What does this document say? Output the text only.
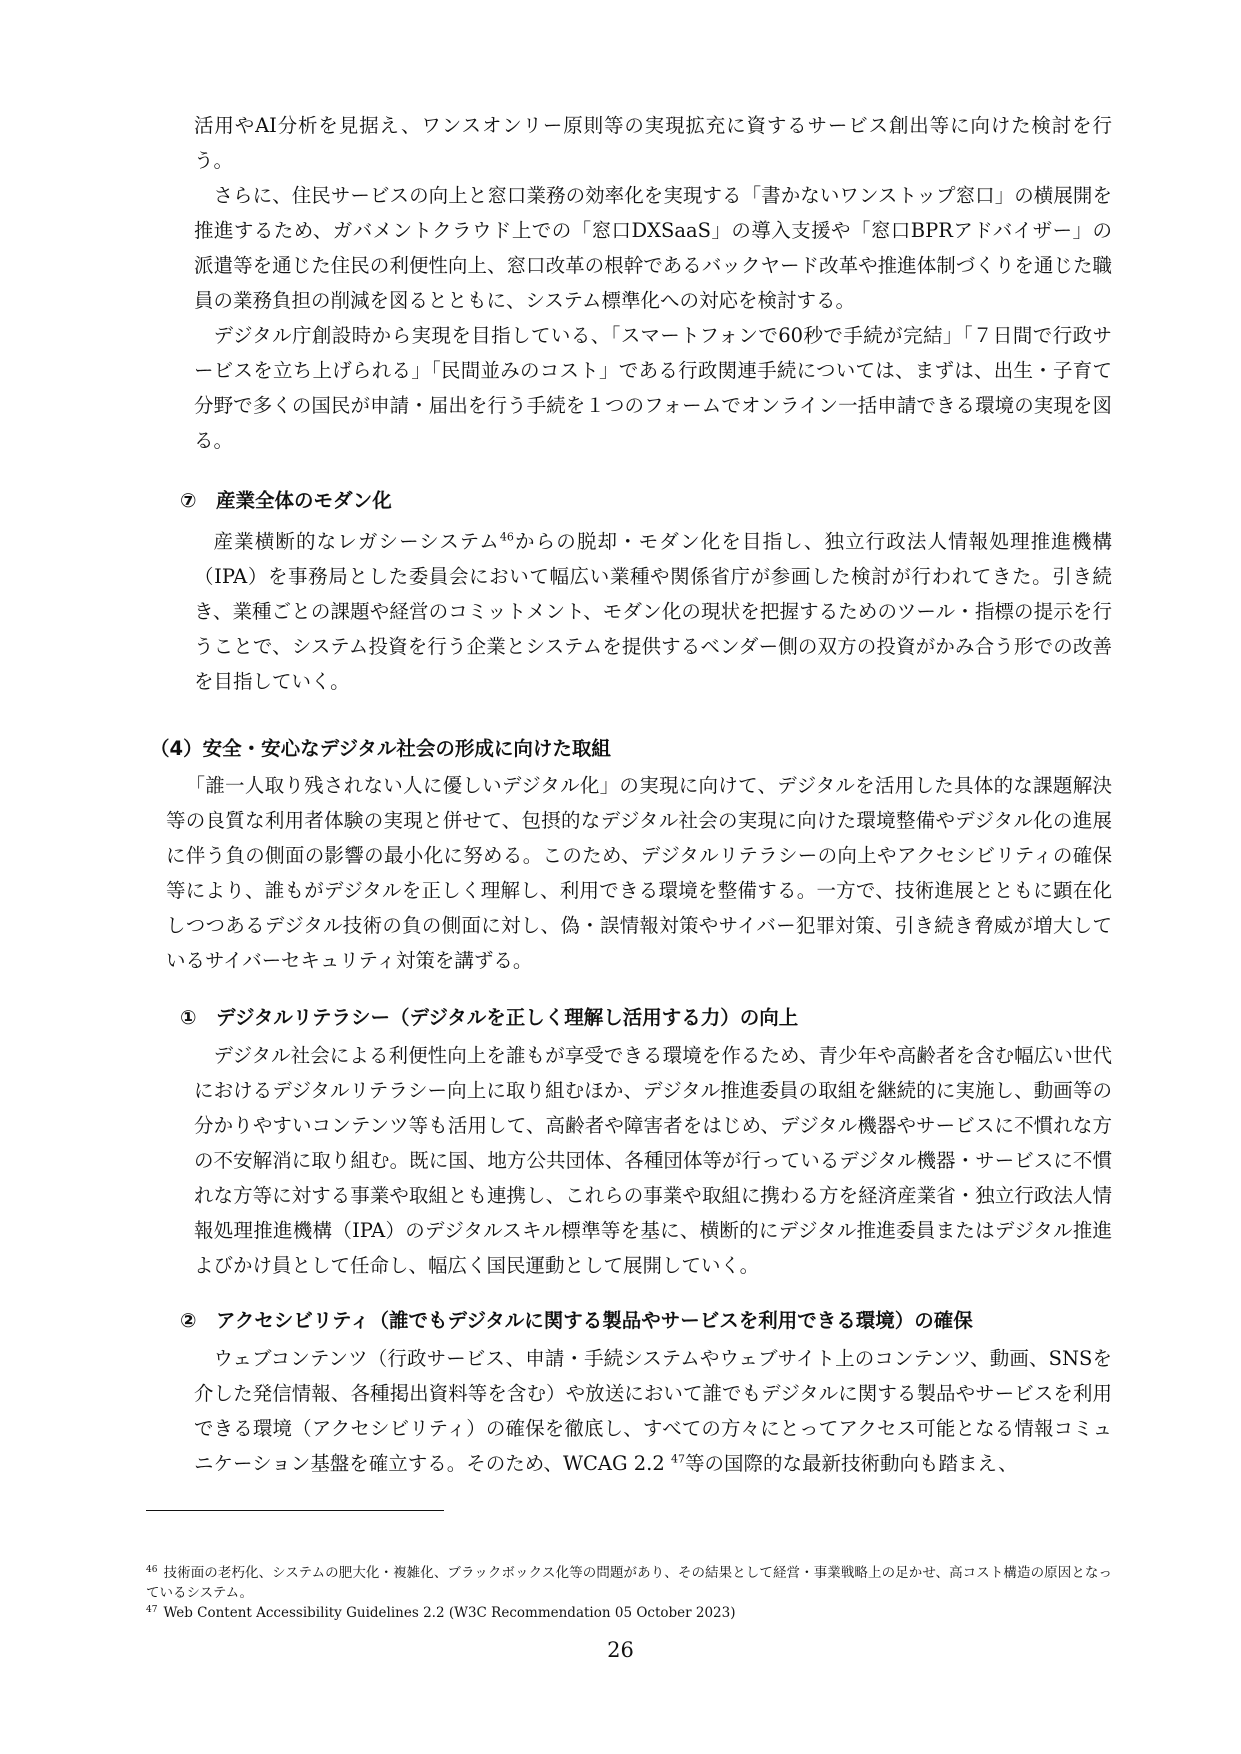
活用やAI分析を見据え、ワンスオンリー原則等の実現拡充に資するサービス創出等に向けた検討を行う。

さらに、住民サービスの向上と窓口業務の効率化を実現する「書かないワンストップ窓口」の横展開を推進するため、ガバメントクラウド上での「窓口DXSaaS」の導入支援や「窓口BPRアドバイザー」の派遣等を通じた住民の利便性向上、窓口改革の根幹であるバックヤード改革や推進体制づくりを通じた職員の業務負担の削減を図るとともに、システム標準化への対応を検討する。

デジタル庁創設時から実現を目指している、「スマートフォンで60秒で手続が完結」「７日間で行政サービスを立ち上げられる」「民間並みのコスト」である行政関連手続については、まずは、出生・子育て分野で多くの国民が申請・届出を行う手続を１つのフォームでオンライン一括申請できる環境の実現を図る。

⑦　産業全体のモダン化

産業横断的なレガシーシステム$^{46}$からの脱却・モダン化を目指し、独立行政法人情報処理推進機構（IPA）を事務局とした委員会において幅広い業種や関係省庁が参画した検討が行われてきた。引き続き、業種ごとの課題や経営のコミットメント、モダン化の現状を把握するためのツール・指標の提示を行うことで、システム投資を行う企業とシステムを提供するベンダー側の双方の投資がかみ合う形での改善を目指していく。

（4）安全・安心なデジタル社会の形成に向けた取組

「誰一人取り残されない人に優しいデジタル化」の実現に向けて、デジタルを活用した具体的な課題解決等の良質な利用者体験の実現と併せて、包摂的なデジタル社会の実現に向けた環境整備やデジタル化の進展に伴う負の側面の影響の最小化に努める。このため、デジタルリテラシーの向上やアクセシビリティの確保等により、誰もがデジタルを正しく理解し、利用できる環境を整備する。一方で、技術進展とともに顕在化しつつあるデジタル技術の負の側面に対し、偽・誤情報対策やサイバー犯罪対策、引き続き脅威が増大しているサイバーセキュリティ対策を講ずる。

①　デジタルリテラシー（デジタルを正しく理解し活用する力）の向上

デジタル社会による利便性向上を誰もが享受できる環境を作るため、青少年や高齢者を含む幅広い世代におけるデジタルリテラシー向上に取り組むほか、デジタル推進委員の取組を継続的に実施し、動画等の分かりやすいコンテンツ等も活用して、高齢者や障害者をはじめ、デジタル機器やサービスに不慣れな方の不安解消に取り組む。既に国、地方公共団体、各種団体等が行っているデジタル機器・サービスに不慣れな方等に対する事業や取組とも連携し、これらの事業や取組に携わる方を経済産業省・独立行政法人情報処理推進機構（IPA）のデジタルスキル標準等を基に、横断的にデジタル推進委員またはデジタル推進よびかけ員として任命し、幅広く国民運動として展開していく。

②　アクセシビリティ（誰でもデジタルに関する製品やサービスを利用できる環境）の確保

ウェブコンテンツ（行政サービス、申請・手続システムやウェブサイト上のコンテンツ、動画、SNSを介した発信情報、各種掲出資料等を含む）や放送において誰でもデジタルに関する製品やサービスを利用できる環境（アクセシビリティ）の確保を徹底し、すべての方々にとってアクセス可能となる情報コミュニケーション基盤を確立する。そのため、WCAG 2.2 $^{47}$等の国際的な最新技術動向も踏まえ、

$^{46}$ 技術面の老朽化、システムの肥大化・複雑化、ブラックボックス化等の問題があり、その結果として経営・事業戦略上の足かせ、高コスト構造の原因となっているシステム。

$^{47}$ Web Content Accessibility Guidelines 2.2 (W3C Recommendation 05 October 2023)

26
